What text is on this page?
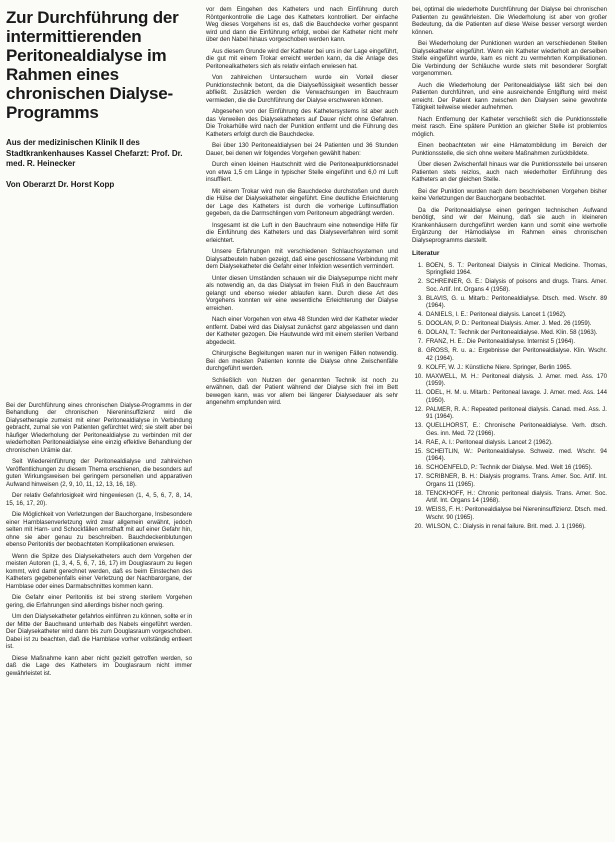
Zur Durchführung der intermittierenden Peritonealdialyse im Rahmen eines chronischen Dialyse-Programms
Aus der medizinischen Klinik II des Stadtkrankenhauses Kassel Chefarzt: Prof. Dr. med. R. Heinecker
Von Oberarzt Dr. Horst Kopp

Bei der Durchführung eines chronischen Dialyse-Programms in der Behandlung der chronischen Niereninsuffizienz wird die Dialysetherapie zumeist mit einer Peritonealdialyse in Verbindung gebracht, zumal sie von Patienten gefürchtet wird; sie stellt aber bei häufiger Wiederholung der Peritonealdialyse zu verbinden mit der wiederholten Peritonealdialyse eine einzig effektive Behandlung der chronischen Urämie dar.

Seit Wiedereinführung der Peritonealdialyse und zahlreichen Veröffentlichungen zu diesem Thema erschienen, die besonders auf guten Wirkungsweisen bei geringem personellen und apparativen Aufwand hinweisen (2, 9, 10, 11, 12, 13, 16, 18).

Der relativ Gefahrlosigkeit wird hingewiesen (1, 4, 5, 6, 7, 8, 14, 15, 16, 17, 20).

Die Möglichkeit von Verletzungen der Bauchorgane, Insbesondere einer Harnblasenverletzung wird zwar allgemein erwähnt, jedoch selten mit Harn- und Schockfällen ernsthaft mit auf einer Gefahr hin, ohne sie aber genau zu beschreiben. Bauchdeckenblutungen ebenso Peritonitis der beobachteten Komplikationen erwiesen.

Wenn die Spitze des Dialysekatheters auch dem Vorgehen der meisten Autoren (1, 3, 4, 5, 6, 7, 16, 17) im Douglasraum zu liegen kommt, wird damit gerechnet werden, daß es beim Einstechen des Katheters gegebenenfalls einer Verletzung der Nachbarorgane, der Harnblase oder eines Darmabschnittes kommen kann.

Die Gefahr einer Peritonitis ist bei streng sterilem Vorgehen gering, die Erfahrungen sind allerdings bisher noch gering.

Um den Dialysekatheter gefahrlos einführen zu können, sollte er in der Mitte der Bauchwand unterhalb des Nabels eingeführt werden. Der Dialysekatheter wird dann bis zum Douglasraum vorgeschoben. Dabei ist zu beachten, daß die Harnblase vorher vollständig entleert ist.

Diese Maßnahme kann aber nicht gezielt getroffen werden, so daß die Lage des Katheters im Douglasraum nicht immer gewährleistet ist.

vor dem Eingehen des Katheters und nach Einführung durch Röntgenkontrolle die Lage des Katheters kontrolliert. Der einfache Weg dieses Vorgehens ist es, daß die Bauchdecke vorher gespannt wird und dann die Einführung erfolgt, wobei der Katheter nicht mehr über den Nabel hinaus vorgeschoben werden kann.

Aus diesem Grunde wird der Katheter bei uns in der Lage eingeführt, die gut mit einem Trokar erreicht werden kann, da die Anlage des Peritonealkatheters sich als relativ einfach erwiesen hat.

Von zahlreichen Untersuchern wurde ein Vorteil dieser Punktionstechnik betont, da die Dialyseflüssigkeit wesentlich besser abfließt. Zusätzlich werden die Verwachsungen im Bauchraum vermieden, die die Durchführung der Dialyse erschweren können.

Abgesehen von der Einführung des Kathetersystems ist aber auch das Verweilen des Dialysekatheters auf Dauer nicht ohne Gefahren. Die Trokarhülle wird nach der Punktion entfernt und die Führung des Katheters erfolgt durch die Bauchdecke.

Bei über 130 Peritonealdialysen bei 24 Patienten und 36 Stunden Dauer, bei denen wir folgendes Vorgehen gewählt haben:

Durch einen kleinen Hautschnitt wird die Peritonealpunktionsnadel von etwa 1,5 cm Länge in typischer Stelle eingeführt und 6,0 ml Luft insuffliert.

Mit einem Trokar wird nun die Bauchdecke durchstoßen und durch die Hülse der Dialysekatheter eingeführt. Eine deutliche Erleichterung der Lage des Katheters ist durch die vorherige Luftinsufflation gegeben, da die Darmschlingen vom Peritoneum abgedrängt werden.

Insgesamt ist die Luft in den Bauchraum eine notwendige Hilfe für die Einführung des Katheters und das Dialyseverfahren wird somit erleichtert.

Unsere Erfahrungen mit verschiedenen Schlauchsystemen und Dialysatbeuteln haben gezeigt, daß eine geschlossene Verbindung mit dem Dialysekatheter die Gefahr einer Infektion wesentlich vermindert.

Unter diesen Umständen schauen wir die Dialysepumpe nicht mehr als notwendig an, da das Dialysat im freien Fluß in den Bauchraum gelangt und ebenso wieder ablaufen kann. Durch diese Art des Vorgehens konnten wir eine wesentliche Erleichterung der Dialyse erreichen.

Nach einer Vorgehen von etwa 48 Stunden wird der Katheter wieder entfernt. Dabei wird das Dialysat zunächst ganz abgelassen und dann der Katheter gezogen. Die Hautwunde wird mit einem sterilen Verband abgedeckt.

Chirurgische Begleitungen waren nur in wenigen Fällen notwendig. Bei den meisten Patienten konnte die Dialyse ohne Zwischenfälle durchgeführt werden.

Schließlich von Nutzen der genannten Technik ist noch zu erwähnen, daß der Patient während der Dialyse sich frei im Bett bewegen kann, was vor allem bei längerer Dialysedauer als sehr angenehm empfunden wird.

bei, optimal die wiederholte Durchführung der Dialyse bei chronischen Patienten zu gewährleisten. Die Wiederholung ist aber von großer Bedeutung, da die Patienten auf diese Weise besser versorgt werden können.

Bei Wiederholung der Punktionen wurden an verschiedenen Stellen Dialysekatheter eingeführt. Wenn ein Katheter wiederholt an derselben Stelle eingeführt wurde, kam es nicht zu vermehrten Komplikationen. Die Verbindung der Schläuche wurde stets mit besonderer Sorgfalt vorgenommen.

Auch die Wiederholung der Peritonealdialyse läßt sich bei den Patienten durchführen, und eine ausreichende Entgiftung wird meist erreicht. Der Patient kann zwischen den Dialysen seine gewohnte Tätigkeit teilweise wieder aufnehmen.

Nach Entfernung der Katheter verschließt sich die Punktionsstelle meist rasch. Eine spätere Punktion an gleicher Stelle ist problemlos möglich.

Einen beobachteten wir eine Hämatombildung im Bereich der Punktionsstelle, die sich ohne weitere Maßnahmen zurückbildete.

Über diesen Zwischenfall hinaus war die Punktionsstelle bei unseren Patienten stets reizlos, auch nach wiederholter Einführung des Katheters an der gleichen Stelle.

Bei der Punktion wurden nach dem beschriebenen Vorgehen bisher keine Verletzungen der Bauchorgane beobachtet.

Da die Peritonealdialyse einen geringen technischen Aufwand benötigt, sind wir der Meinung, daß sie auch in kleineren Krankenhäusern durchgeführt werden kann und somit eine wertvolle Ergänzung der Hämodialyse im Rahmen eines chronischen Dialyseprogramms darstellt.

Literatur
1. BOEN, S. T.: Peritoneal Dialysis in Clinical Medicine. Thomas, Springfield 1964.
2. SCHREINER, G. E.: Dialysis of poisons and drugs. Trans. Amer. Soc. Artif. Int. Organs 4 (1958).
3. BLAVIS, G. u. Mitarb.: Peritonealdialyse. Dtsch. med. Wschr. 89 (1964).
4. DANIELS, I. E.: Peritoneal dialysis. Lancet 1 (1962).
5. DOOLAN, P. D.: Peritoneal Dialysis. Amer. J. Med. 26 (1959).
6. DOLAN, T.: Technik der Peritonealdialyse. Med. Klin. 58 (1963).
7. FRANZ, H. E.: Die Peritonealdialyse. Internist 5 (1964).
8. GROSS, R. u. a.: Ergebnisse der Peritonealdialyse. Klin. Wschr. 42 (1964).
9. KOLFF, W. J.: Künstliche Niere. Springer, Berlin 1965.
10. MAXWELL, M. H.: Peritoneal dialysis. J. Amer. med. Ass. 170 (1959).
11. ODEL, H. M. u. Mitarb.: Peritoneal lavage. J. Amer. med. Ass. 144 (1950).
12. PALMER, R. A.: Repeated peritoneal dialysis. Canad. med. Ass. J. 91 (1964).
13. QUELLHORST, E.: Chronische Peritonealdialyse. Verh. dtsch. Ges. inn. Med. 72 (1966).
14. RAE, A. I.: Peritoneal dialysis. Lancet 2 (1962).
15. SCHEITLIN, W.: Peritonealdialyse. Schweiz. med. Wschr. 94 (1964).
16. SCHOENFELD, P.: Technik der Dialyse. Med. Welt 16 (1965).
17. SCRIBNER, B. H.: Dialysis programs. Trans. Amer. Soc. Artif. Int. Organs 11 (1965).
18. TENCKHOFF, H.: Chronic peritoneal dialysis. Trans. Amer. Soc. Artif. Int. Organs 14 (1968).
19. WEISS, F. H.: Peritonealdialyse bei Niereninsuffizienz. Dtsch. med. Wschr. 90 (1965).
20. WILSON, C.: Dialysis in renal failure. Brit. med. J. 1 (1966).
